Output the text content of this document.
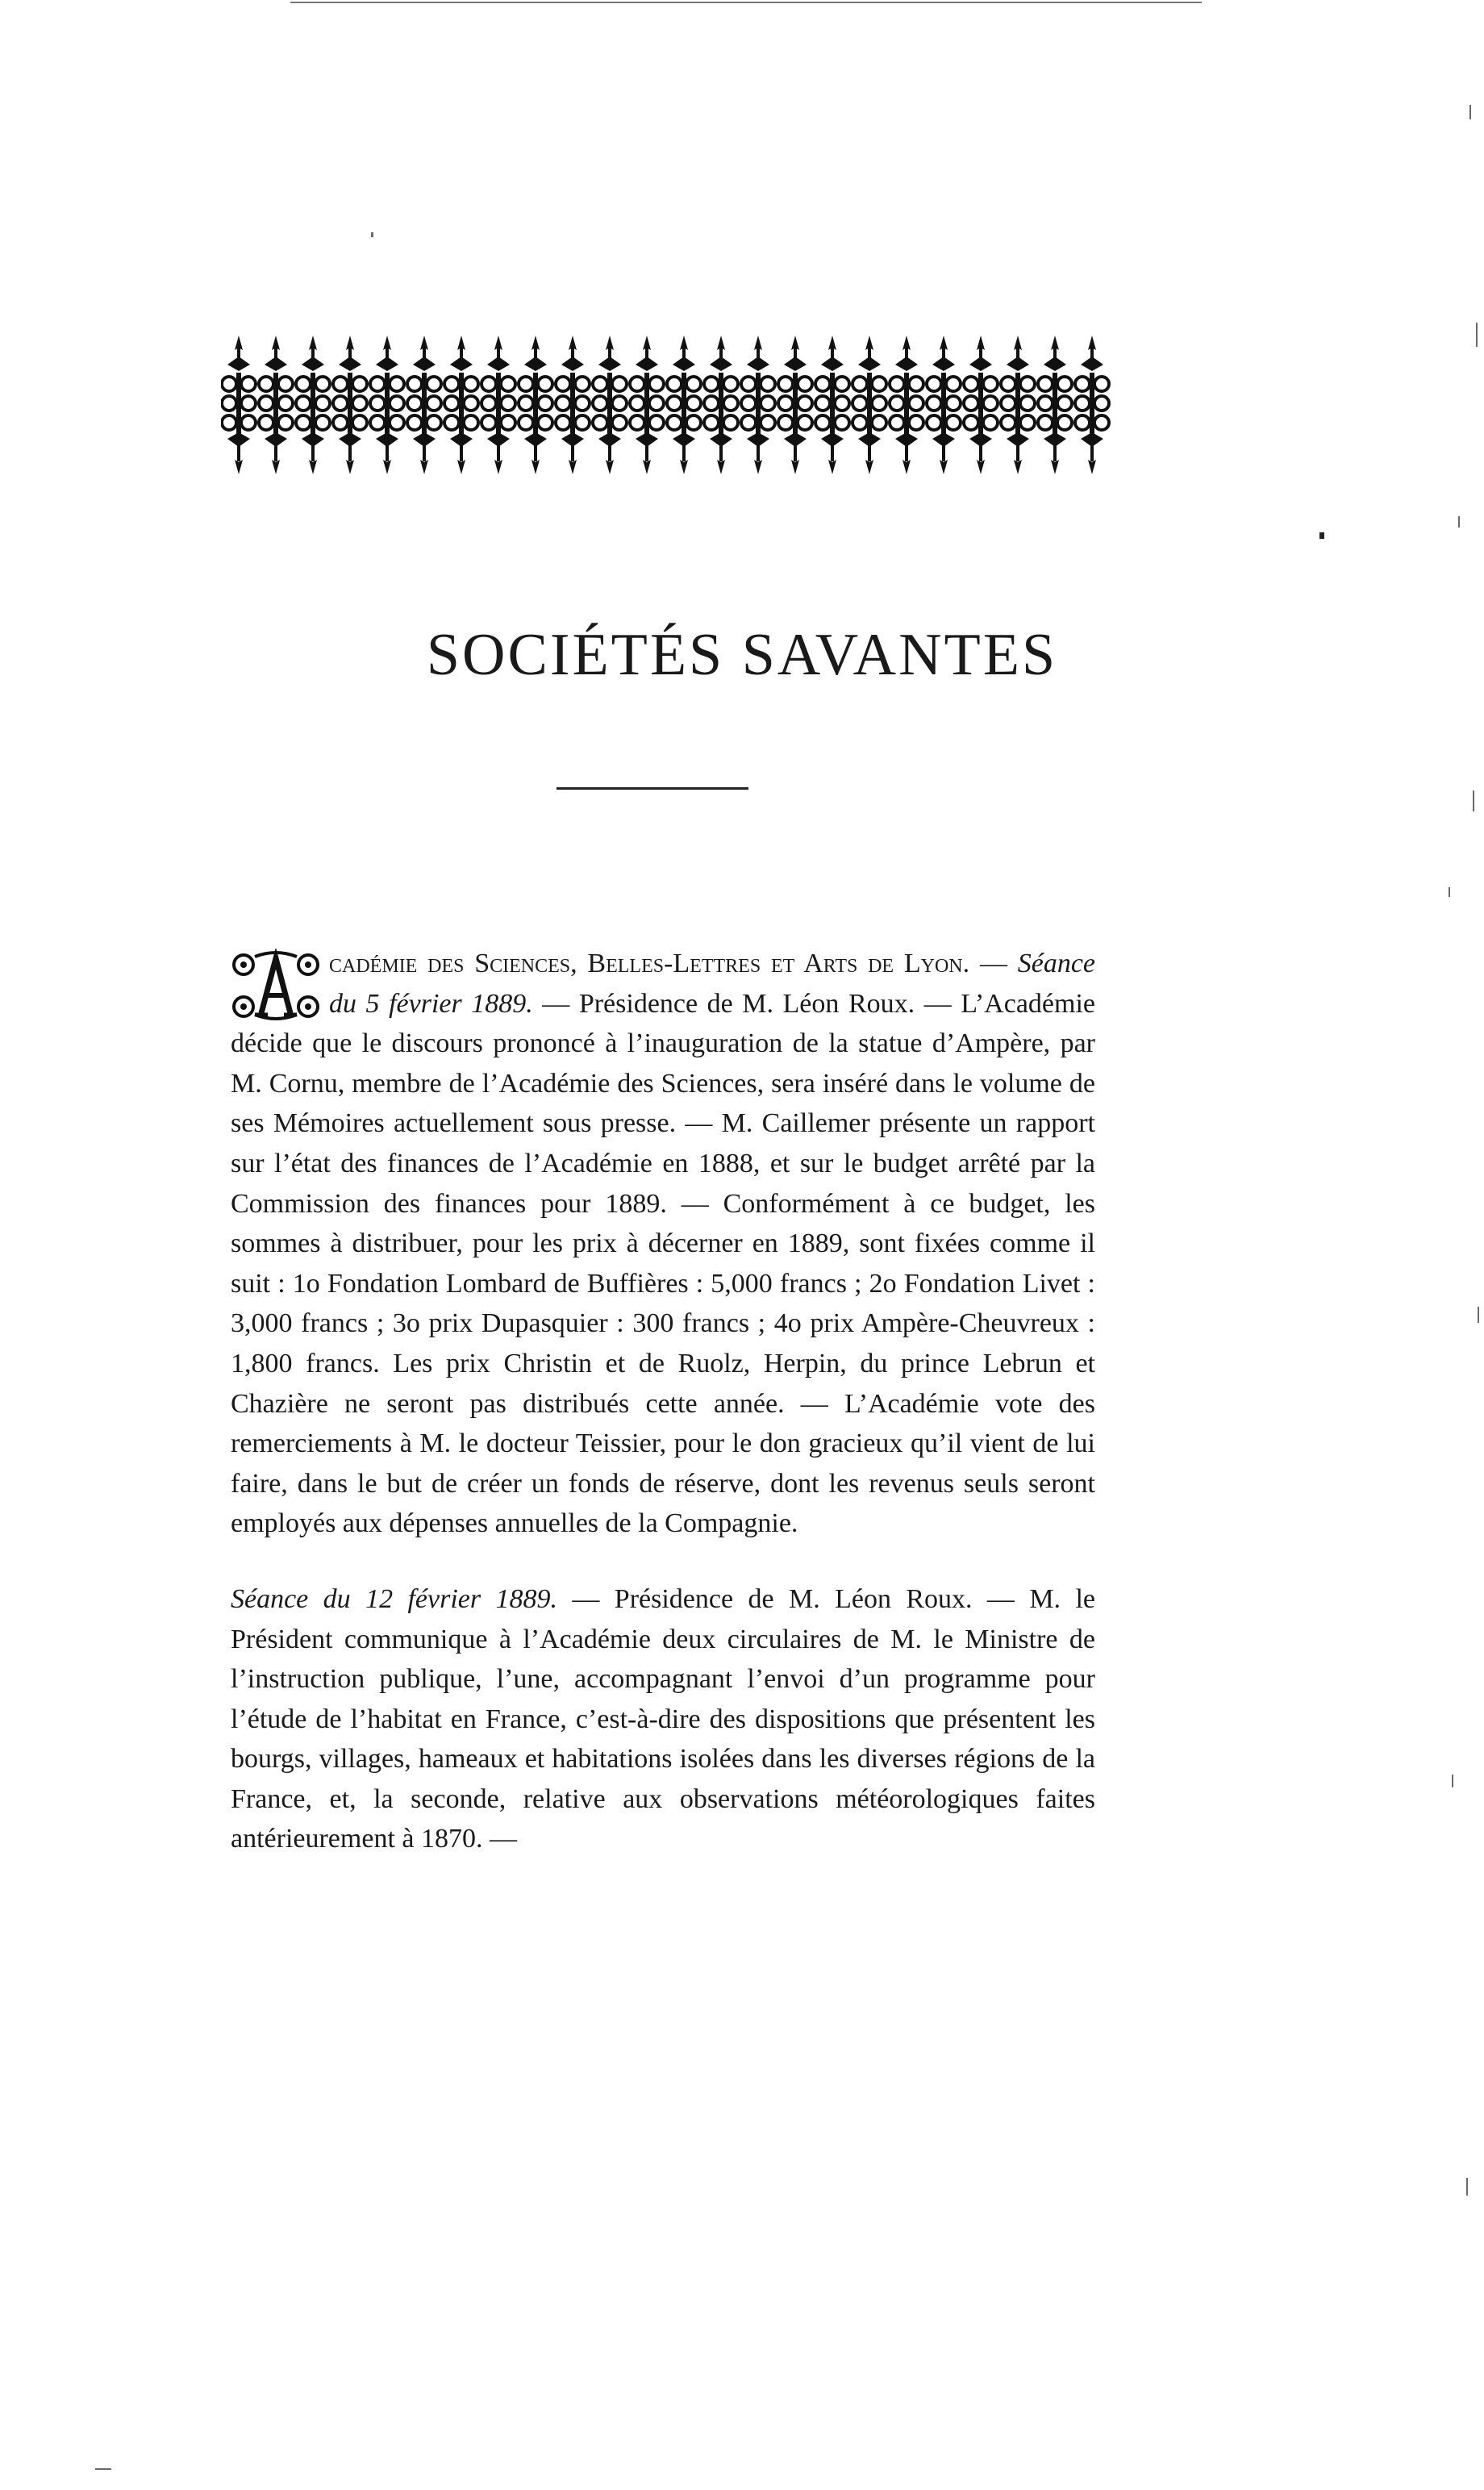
SOCIÉTÉS SAVANTES

cadémie des Sciences, Belles-Lettres et Arts de Lyon. — Séance du 5 février 1889. — Présidence de M. Léon Roux. — L’Académie décide que le discours prononcé à l’inauguration de la statue d’Ampère, par M. Cornu, membre de l’Académie des Sciences, sera inséré dans le volume de ses Mémoires actuellement sous presse. — M. Caillemer présente un rapport sur l’état des finances de l’Académie en 1888, et sur le budget arrêté par la Commission des finances pour 1889. — Conformément à ce budget, les sommes à distribuer, pour les prix à décerner en 1889, sont fixées comme il suit : 1o Fondation Lombard de Buffières : 5,000 francs ; 2o Fondation Livet : 3,000 francs ; 3o prix Dupasquier : 300 francs ; 4o prix Ampère-Cheuvreux : 1,800 francs. Les prix Christin et de Ruolz, Herpin, du prince Lebrun et Chazière ne seront pas distribués cette année. — L’Académie vote des remerciements à M. le docteur Teissier, pour le don gracieux qu’il vient de lui faire, dans le but de créer un fonds de réserve, dont les revenus seuls seront employés aux dépenses annuelles de la Compagnie.

Séance du 12 février 1889. — Présidence de M. Léon Roux. — M. le Président communique à l’Académie deux circulaires de M. le Ministre de l’instruction publique, l’une, accompagnant l’envoi d’un programme pour l’étude de l’habitat en France, c’est-à-dire des dispositions que présentent les bourgs, villages, hameaux et habitations isolées dans les diverses régions de la France, et, la seconde, relative aux observations météorologiques faites antérieurement à 1870. —
